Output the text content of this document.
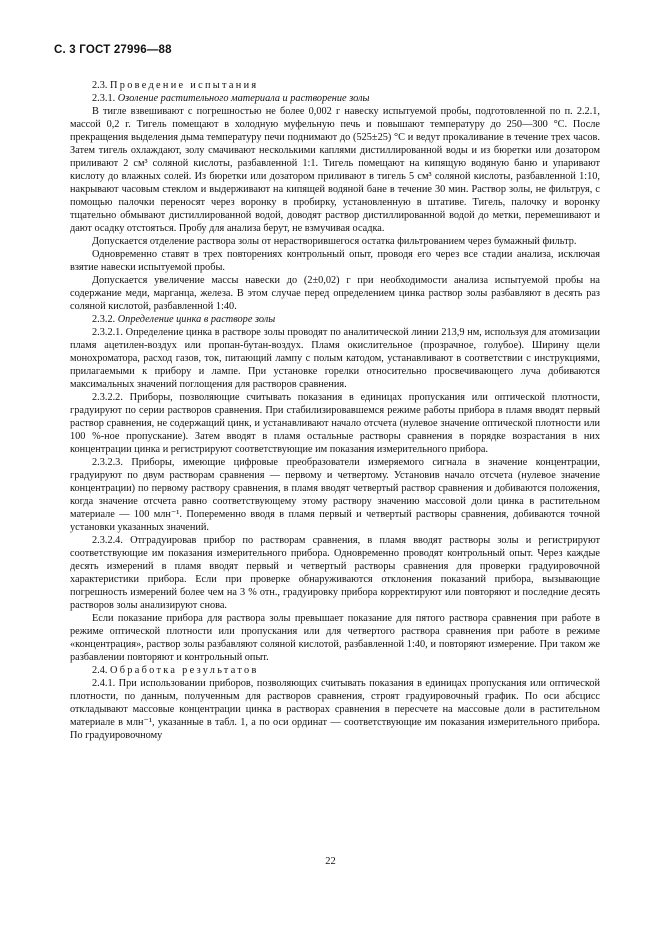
С. 3 ГОСТ 27996—88

2.3. Проведение испытания

2.3.1. Озоление растительного материала и растворение золы

В тигле взвешивают с погрешностью не более 0,002 г навеску испытуемой пробы, подготовленной по п. 2.2.1, массой 0,2 г. Тигель помещают в холодную муфельную печь и повышают температуру до 250—300 °С. После прекращения выделения дыма температуру печи поднимают до (525±25) °С и ведут прокаливание в течение трех часов. Затем тигель охлаждают, золу смачивают несколькими каплями дистиллированной воды и из бюретки или дозатором приливают 2 см³ соляной кислоты, разбавленной 1:1. Тигель помещают на кипящую водяную баню и упаривают кислоту до влажных солей. Из бюретки или дозатором приливают в тигель 5 см³ соляной кислоты, разбавленной 1:10, накрывают часовым стеклом и выдерживают на кипящей водяной бане в течение 30 мин. Раствор золы, не фильтруя, с помощью палочки переносят через воронку в пробирку, установленную в штативе. Тигель, палочку и воронку тщательно обмывают дистиллированной водой, доводят раствор дистиллированной водой до метки, перемешивают и дают осадку отстояться. Пробу для анализа берут, не взмучивая осадка.

Допускается отделение раствора золы от нерастворившегося остатка фильтрованием через бумажный фильтр.

Одновременно ставят в трех повторениях контрольный опыт, проводя его через все стадии анализа, исключая взятие навески испытуемой пробы.

Допускается увеличение массы навески до (2±0,02) г при необходимости анализа испытуемой пробы на содержание меди, марганца, железа. В этом случае перед определением цинка раствор золы разбавляют в десять раз соляной кислотой, разбавленной 1:40.

2.3.2. Определение цинка в растворе золы

2.3.2.1. Определение цинка в растворе золы проводят по аналитической линии 213,9 нм, используя для атомизации пламя ацетилен-воздух или пропан-бутан-воздух. Пламя окислительное (прозрачное, голубое). Ширину щели монохроматора, расход газов, ток, питающий лампу с полым катодом, устанавливают в соответствии с инструкциями, прилагаемыми к прибору и лампе. При установке горелки относительно просвечивающего луча добиваются максимальных значений поглощения для растворов сравнения.

2.3.2.2. Приборы, позволяющие считывать показания в единицах пропускания или оптической плотности, градуируют по серии растворов сравнения. При стабилизировавшемся режиме работы прибора в пламя вводят первый раствор сравнения, не содержащий цинк, и устанавливают начало отсчета (нулевое значение оптической плотности или 100 %-ное пропускание). Затем вводят в пламя остальные растворы сравнения в порядке возрастания в них концентрации цинка и регистрируют соответствующие им показания измерительного прибора.

2.3.2.3. Приборы, имеющие цифровые преобразователи измеряемого сигнала в значение концентрации, градуируют по двум растворам сравнения — первому и четвертому. Установив начало отсчета (нулевое значение концентрации) по первому раствору сравнения, в пламя вводят четвертый раствор сравнения и добиваются положения, когда значение отсчета равно соответствующему этому раствору значению массовой доли цинка в растительном материале — 100 млн⁻¹. Попеременно вводя в пламя первый и четвертый растворы сравнения, добиваются точной установки указанных значений.

2.3.2.4. Отградуировав прибор по растворам сравнения, в пламя вводят растворы золы и регистрируют соответствующие им показания измерительного прибора. Одновременно проводят контрольный опыт. Через каждые десять измерений в пламя вводят первый и четвертый растворы сравнения для проверки градуировочной характеристики прибора. Если при проверке обнаруживаются отклонения показаний прибора, вызывающие погрешность измерений более чем на 3 % отн., градуировку прибора корректируют или повторяют и последние десять растворов золы анализируют снова.

Если показание прибора для раствора золы превышает показание для пятого раствора сравнения при работе в режиме оптической плотности или пропускания или для четвертого раствора сравнения при работе в режиме «концентрация», раствор золы разбавляют соляной кислотой, разбавленной 1:40, и повторяют измерение. При таком же разбавлении повторяют и контрольный опыт.

2.4. Обработка результатов

2.4.1. При использовании приборов, позволяющих считывать показания в единицах пропускания или оптической плотности, по данным, полученным для растворов сравнения, строят градуировочный график. По оси абсцисс откладывают массовые концентрации цинка в растворах сравнения в пересчете на массовые доли в растительном материале в млн⁻¹, указанные в табл. 1, а по оси ординат — соответствующие им показания измерительного прибора. По градуировочному

22
